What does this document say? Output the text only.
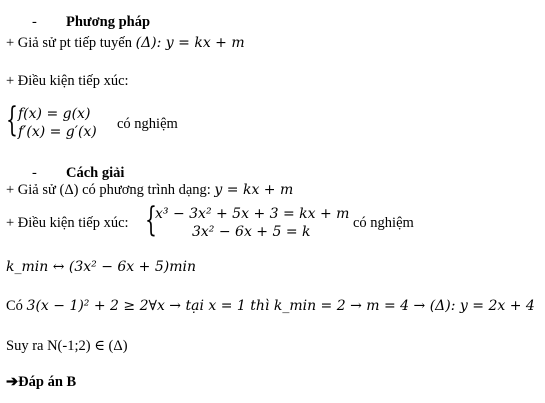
- Phương pháp
+ Giả sử pt tiếp tuyến (Δ): y = kx + m
+ Điều kiện tiếp xúc:
{ f(x) = g(x)
f′(x) = g′(x) có nghiệm
- Cách giải
+ Giả sử (Δ) có phương trình dạng: y = kx + m
+ Điều kiện tiếp xúc: {
x³ − 3x² + 5x + 3 = kx + m
3x² − 6x + 5 = k
có nghiệm
k_min ↔ (3x² − 6x + 5)min
Có 3(x − 1)² + 2 ≥ 2∀x → tại x = 1 thì k_min = 2 → m = 4 → (Δ): y = 2x + 4
Suy ra N(-1;2) ∈ (Δ)
➔Đáp án B
